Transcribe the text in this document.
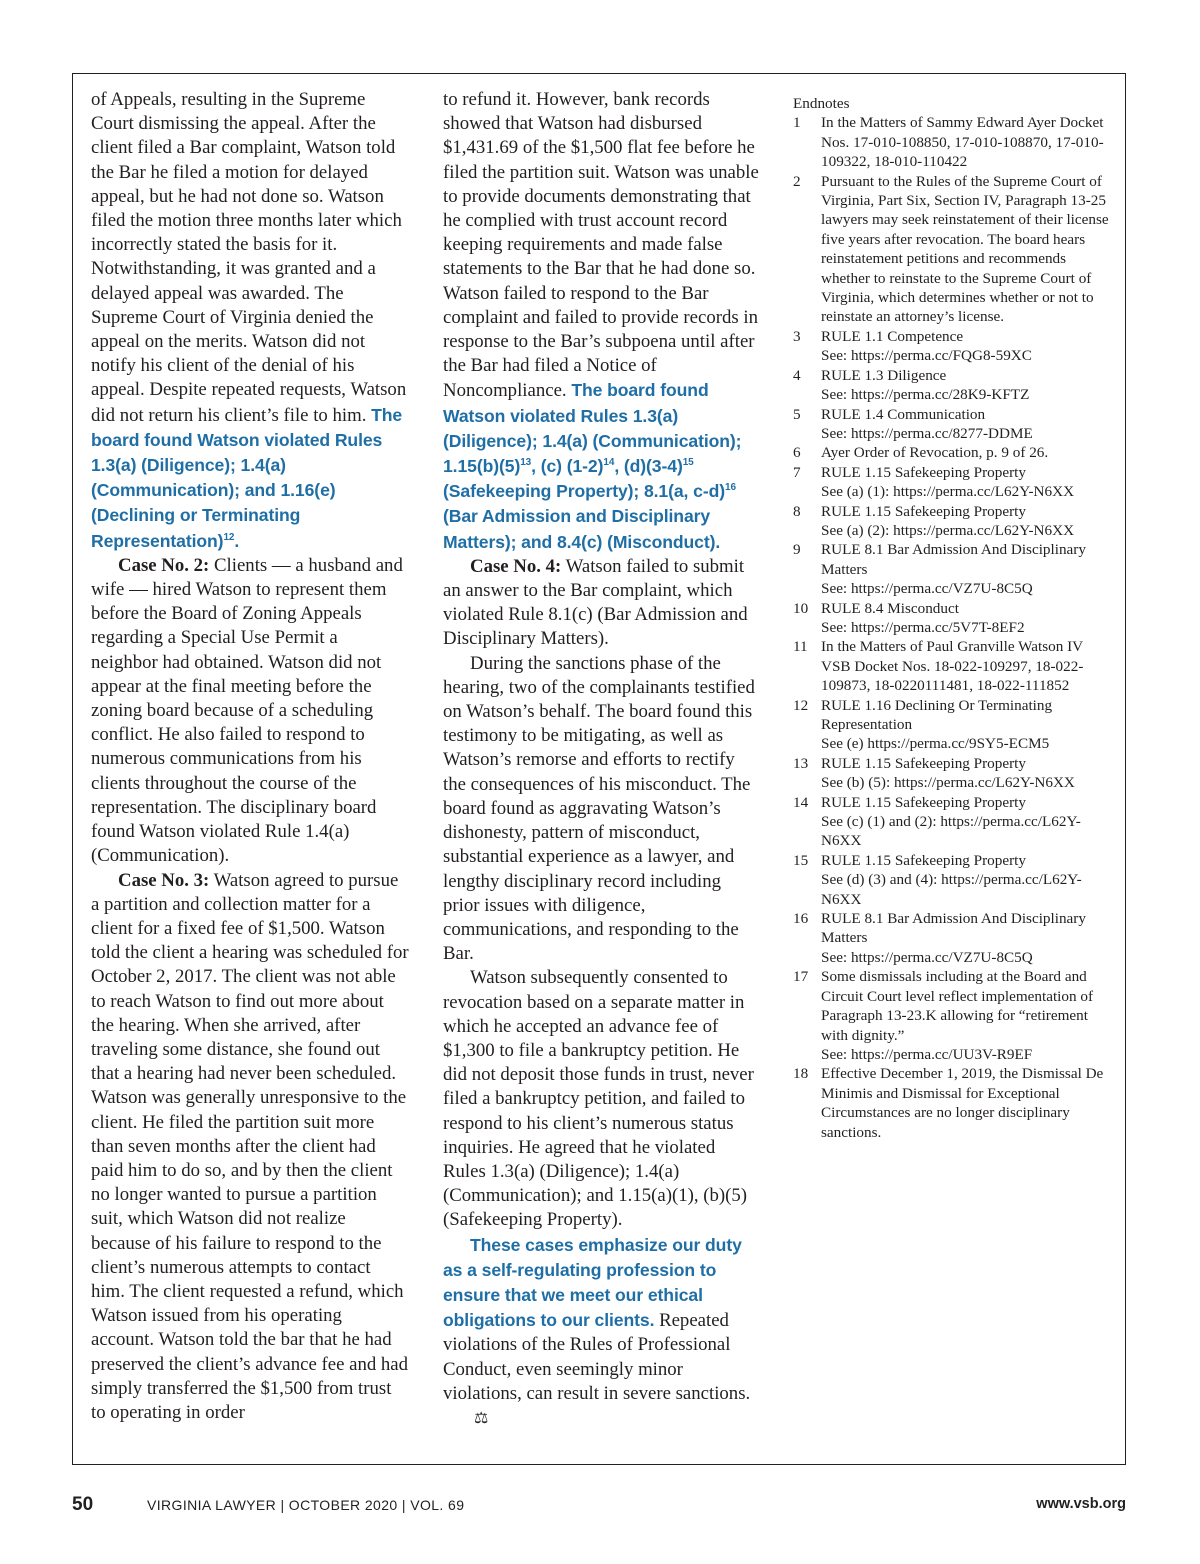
of Appeals, resulting in the Supreme Court dismissing the appeal. After the client filed a Bar complaint, Watson told the Bar he filed a motion for delayed appeal, but he had not done so. Watson filed the motion three months later which incorrectly stated the basis for it. Notwithstanding, it was granted and a delayed appeal was awarded. The Supreme Court of Virginia denied the appeal on the merits. Watson did not notify his client of the denial of his appeal. Despite repeated requests, Watson did not return his client’s file to him. The board found Watson violated Rules 1.3(a) (Diligence); 1.4(a) (Communication); and 1.16(e) (Declining or Terminating Representation)$^{12}$.

Case No. 2: Clients — a husband and wife — hired Watson to represent them before the Board of Zoning Appeals regarding a Special Use Permit a neighbor had obtained. Watson did not appear at the final meeting before the zoning board because of a scheduling conflict. He also failed to respond to numerous communications from his clients throughout the course of the representation. The disciplinary board found Watson violated Rule 1.4(a) (Communication).

Case No. 3: Watson agreed to pursue a partition and collection matter for a client for a fixed fee of $1,500. Watson told the client a hearing was scheduled for October 2, 2017. The client was not able to reach Watson to find out more about the hearing. When she arrived, after traveling some distance, she found out that a hearing had never been scheduled. Watson was generally unresponsive to the client. He filed the partition suit more than seven months after the client had paid him to do so, and by then the client no longer wanted to pursue a partition suit, which Watson did not realize because of his failure to respond to the client’s numerous attempts to contact him. The client requested a refund, which Watson issued from his operating account. Watson told the bar that he had preserved the client’s advance fee and had simply transferred the $1,500 from trust to operating in order

to refund it. However, bank records showed that Watson had disbursed $1,431.69 of the $1,500 flat fee before he filed the partition suit. Watson was unable to provide documents demonstrating that he complied with trust account record keeping requirements and made false statements to the Bar that he had done so. Watson failed to respond to the Bar complaint and failed to provide records in response to the Bar’s subpoena until after the Bar had filed a Notice of Noncompliance. The board found Watson violated Rules 1.3(a) (Diligence); 1.4(a) (Communication); $1.15(b)(5)^{13}$, (c) $(1-2)^{14}$, $(d)(3-4)^{15}$ (Safekeeping Property); 8.1(a, c-d)$^{16}$ (Bar Admission and Disciplinary Matters); and 8.4(c) (Misconduct).

Case No. 4: Watson failed to submit an answer to the Bar complaint, which violated Rule 8.1(c) (Bar Admission and Disciplinary Matters).

During the sanctions phase of the hearing, two of the complainants testified on Watson’s behalf. The board found this testimony to be mitigating, as well as Watson’s remorse and efforts to rectify the consequences of his misconduct. The board found as aggravating Watson’s dishonesty, pattern of misconduct, substantial experience as a lawyer, and lengthy disciplinary record including prior issues with diligence, communications, and responding to the Bar.

Watson subsequently consented to revocation based on a separate matter in which he accepted an advance fee of $1,300 to file a bankruptcy petition. He did not deposit those funds in trust, never filed a bankruptcy petition, and failed to respond to his client’s numerous status inquiries. He agreed that he violated Rules 1.3(a) (Diligence); 1.4(a) (Communication); and 1.15(a)(1), (b)(5) (Safekeeping Property).

These cases emphasize our duty as a self-regulating profession to ensure that we meet our ethical obligations to our clients. Repeated violations of the Rules of Professional Conduct, even seemingly minor violations, can result in severe sanctions.⚖

Endnotes

1	In the Matters of Sammy Edward Ayer Docket Nos. 17-010-108850, 17-010-108870, 17-010-109322, 18-010-110422
2	Pursuant to the Rules of the Supreme Court of Virginia, Part Six, Section IV, Paragraph 13-25 lawyers may seek reinstatement of their license five years after revocation. The board hears reinstatement petitions and recommends whether to reinstate to the Supreme Court of Virginia, which determines whether or not to reinstate an attorney’s license.
3	RULE 1.1 Competence
See: https://perma.cc/FQG8-59XC
4	RULE 1.3 Diligence
See: https://perma.cc/28K9-KFTZ
5	RULE 1.4 Communication
See: https://perma.cc/8277-DDME
6	Ayer Order of Revocation, p. 9 of 26.
7	RULE 1.15 Safekeeping Property
See (a) (1): https://perma.cc/L62Y-N6XX
8	RULE 1.15 Safekeeping Property
See (a) (2): https://perma.cc/L62Y-N6XX
9	RULE 8.1 Bar Admission And Disciplinary Matters
See: https://perma.cc/VZ7U-8C5Q
10 RULE 8.4 Misconduct
See: https://perma.cc/5V7T-8EF2
11 In the Matters of Paul Granville Watson IV VSB Docket Nos. 18-022-109297, 18-022-109873, 18-0220111481, 18-022-111852
12 RULE 1.16 Declining Or Terminating Representation
See (e) https://perma.cc/9SY5-ECM5
13 RULE 1.15 Safekeeping Property
See (b) (5): https://perma.cc/L62Y-N6XX
14 RULE 1.15 Safekeeping Property
See (c) (1) and (2): https://perma.cc/L62Y-N6XX
15 RULE 1.15 Safekeeping Property
See (d) (3) and (4): https://perma.cc/L62Y-N6XX
16 RULE 8.1 Bar Admission And Disciplinary Matters
See: https://perma.cc/VZ7U-8C5Q
17 Some dismissals including at the Board and Circuit Court level reflect implementation of Paragraph 13-23.K allowing for “retirement with dignity.”
See: https://perma.cc/UU3V-R9EF
18 Effective December 1, 2019, the Dismissal De Minimis and Dismissal for Exceptional Circumstances are no longer disciplinary sanctions.
50	VIRGINIA LAWYER | OCTOBER 2020 | VOL. 69	www.vsb.org
